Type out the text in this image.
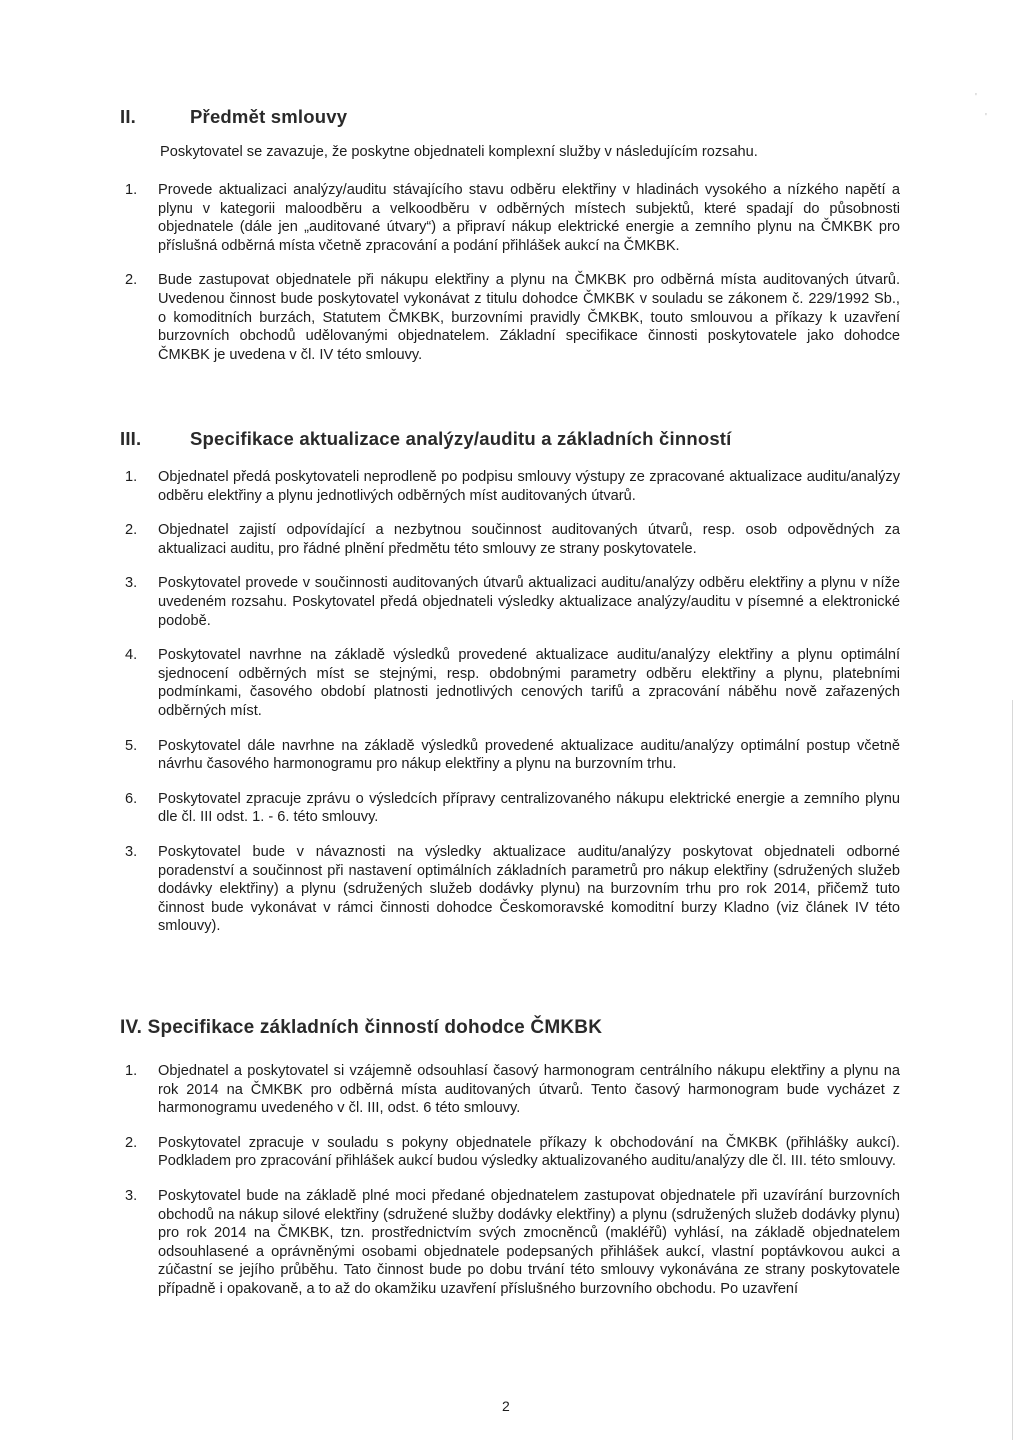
'
'
II.	Předmět smlouvy
Poskytovatel se zavazuje, že poskytne objednateli komplexní služby v následujícím rozsahu.
1. Provede aktualizaci analýzy/auditu stávajícího stavu odběru elektřiny v hladinách vysokého a nízkého napětí a plynu v kategorii maloodběru a velkoodběru v odběrných místech subjektů, které spadají do působnosti objednatele (dále jen „auditované útvary“) a připraví nákup elektrické energie a zemního plynu na ČMKBK pro příslušná odběrná místa včetně zpracování a podání přihlášek aukcí na ČMKBK.
2. Bude zastupovat objednatele při nákupu elektřiny a plynu na ČMKBK pro odběrná místa auditovaných útvarů. Uvedenou činnost bude poskytovatel vykonávat z titulu dohodce ČMKBK v souladu se zákonem č. 229/1992 Sb., o komoditních burzách, Statutem ČMKBK, burzovními pravidly ČMKBK, touto smlouvou a příkazy k uzavření burzovních obchodů udělovanými objednatelem. Základní specifikace činnosti poskytovatele jako dohodce ČMKBK je uvedena v čl. IV této smlouvy.
III.	Specifikace aktualizace analýzy/auditu a základních činností
1. Objednatel předá poskytovateli neprodleně po podpisu smlouvy výstupy ze zpracované aktualizace auditu/analýzy odběru elektřiny a plynu jednotlivých odběrných míst auditovaných útvarů.
2. Objednatel zajistí odpovídající a nezbytnou součinnost auditovaných útvarů, resp. osob odpovědných za aktualizaci auditu, pro řádné plnění předmětu této smlouvy ze strany poskytovatele.
3. Poskytovatel provede v součinnosti auditovaných útvarů aktualizaci auditu/analýzy odběru elektřiny a plynu v níže uvedeném rozsahu. Poskytovatel předá objednateli výsledky aktualizace analýzy/auditu v písemné a elektronické podobě.
4. Poskytovatel navrhne na základě výsledků provedené aktualizace auditu/analýzy elektřiny a plynu optimální sjednocení odběrných míst se stejnými, resp. obdobnými parametry odběru elektřiny a plynu, platebními podmínkami, časového období platnosti jednotlivých cenových tarifů a zpracování náběhu nově zařazených odběrných míst.
5. Poskytovatel dále navrhne na základě výsledků provedené aktualizace auditu/analýzy optimální postup včetně návrhu časového harmonogramu pro nákup elektřiny a plynu na burzovním trhu.
6. Poskytovatel zpracuje zprávu o výsledcích přípravy centralizovaného nákupu elektrické energie a zemního plynu dle čl. III odst. 1. - 6. této smlouvy.
3. Poskytovatel bude v návaznosti na výsledky aktualizace auditu/analýzy poskytovat objednateli odborné poradenství a součinnost při nastavení optimálních základních parametrů pro nákup elektřiny (sdružených služeb dodávky elektřiny) a plynu (sdružených služeb dodávky plynu) na burzovním trhu pro rok 2014, přičemž tuto činnost bude vykonávat v rámci činnosti dohodce Českomoravské komoditní burzy Kladno (viz článek IV této smlouvy).
IV. Specifikace základních činností dohodce ČMKBK
1. Objednatel a poskytovatel si vzájemně odsouhlasí časový harmonogram centrálního nákupu elektřiny a plynu na rok 2014 na ČMKBK pro odběrná místa auditovaných útvarů. Tento časový harmonogram bude vycházet z harmonogramu uvedeného v čl. III, odst. 6 této smlouvy.
2. Poskytovatel zpracuje v souladu s pokyny objednatele příkazy k obchodování na ČMKBK (přihlášky aukcí). Podkladem pro zpracování přihlášek aukcí budou výsledky aktualizovaného auditu/analýzy dle čl. III. této smlouvy.
3. Poskytovatel bude na základě plné moci předané objednatelem zastupovat objednatele při uzavírání burzovních obchodů na nákup silové elektřiny (sdružené služby dodávky elektřiny) a plynu (sdružených služeb dodávky plynu) pro rok 2014 na ČMKBK, tzn. prostřednictvím svých zmocněnců (makléřů) vyhlásí, na základě objednatelem odsouhlasené a oprávněnými osobami objednatele podepsaných přihlášek aukcí, vlastní poptávkovou aukci a zúčastní se jejího průběhu. Tato činnost bude po dobu trvání této smlouvy vykonávána ze strany poskytovatele případně i opakovaně, a to až do okamžiku uzavření příslušného burzovního obchodu. Po uzavření
2
